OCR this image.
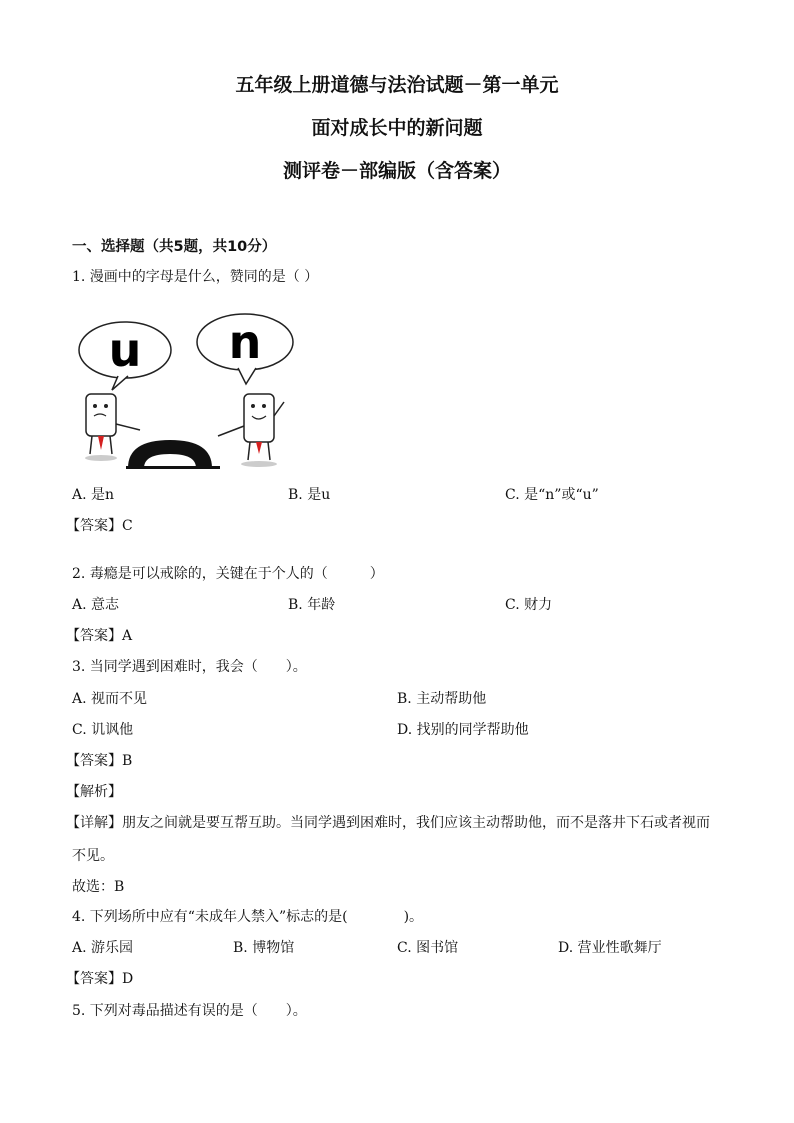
五年级上册道德与法治试题－第一单元
面对成长中的新问题
测评卷－部编版（含答案）
一、选择题（共5题，共10分）
1. 漫画中的字母是什么，赞同的是（ ）
u n
A. 是n	B. 是u	C. 是“n”或“u”
【答案】C
2. 毒瘾是可以戒除的，关键在于个人的（　　　）
A. 意志	B. 年龄	C. 财力
【答案】A
3. 当同学遇到困难时，我会（　　）。
A. 视而不见	B. 主动帮助他
C. 讥讽他	D. 找别的同学帮助他
【答案】B
【解析】
【详解】朋友之间就是要互帮互助。当同学遇到困难时，我们应该主动帮助他，而不是落井下石或者视而
不见。
故选：B
4. 下列场所中应有“未成年人禁入”标志的是(　　　　)。
A. 游乐园	B. 博物馆	C. 图书馆	D. 营业性歌舞厅
【答案】D
5. 下列对毒品描述有误的是（　　）。
